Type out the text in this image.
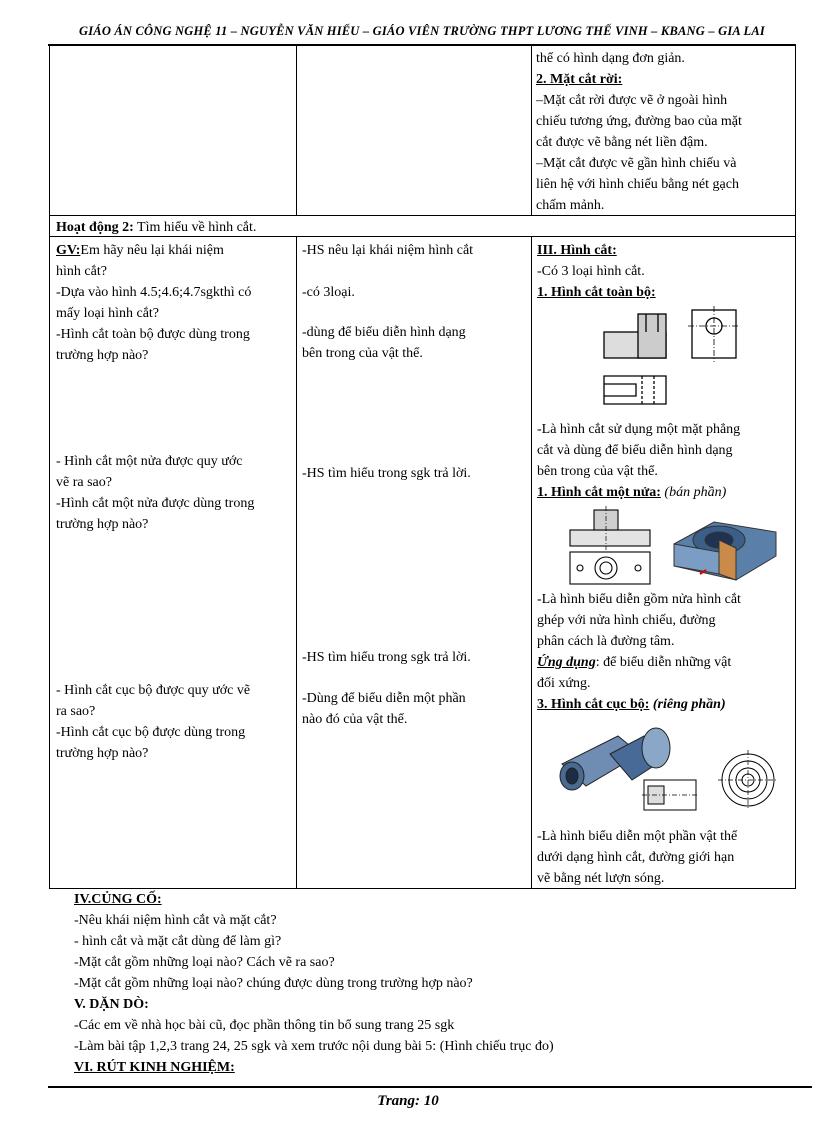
GIÁO ÁN CÔNG NGHỆ 11 – NGUYỄN VĂN HIẾU – GIÁO VIÊN TRƯỜNG THPT LƯƠNG THẾ VINH – KBANG – GIA LAI

thể có hình dạng đơn giản.

2. Mặt cắt rời:

–Mặt cắt rời được vẽ ở ngoài hình

chiếu tương ứng, đường bao của mặt

cắt được vẽ bằng nét liền đậm.

–Mặt cắt được vẽ gần hình chiếu và

liên hệ với hình chiếu bằng nét gạch

chấm mảnh.

Hoạt động 2: Tìm hiểu về hình cắt.

GV:Em hãy nêu lại khái niệm

hình cắt?

-Dựa vào hình 4.5;4.6;4.7sgkthì có

mấy loại hình cắt?

-Hình cắt toàn bộ được dùng trong

trường hợp nào?

- Hình cắt một nửa được quy ước

vẽ ra sao?

-Hình cắt một nửa được dùng trong

trường hợp nào?

- Hình cắt cục bộ được quy ước vẽ

ra sao?

-Hình cắt cục bộ được dùng trong

trường hợp nào?

-HS nêu lại khái niệm hình cắt
-có 3loại.

-dùng để biểu diễn hình dạng

bên trong của vật thể.

-HS tìm hiểu trong sgk trả lời.
-HS tìm hiểu trong sgk trả lời.

-Dùng để biểu diễn một phần

nào đó của vật thể.

III. Hình cắt:

-Có 3 loại hình cắt.

1. Hình cắt toàn bộ:

-Là hình cắt sử dụng một mặt phẳng

cắt và dùng để biểu diễn hình dạng

bên trong của vật thể.

1. Hình cắt một nửa: (bán phần)

-Là hình biểu diễn gồm nửa hình cắt

ghép với nửa hình chiếu, đường

phân cách là đường tâm.

Ứng dụng: để biểu diễn những vật

đối xứng.

3. Hình cắt cục bộ: (riêng phần)

-Là hình biểu diễn một phần vật thể

dưới dạng hình cắt, đường giới hạn

vẽ bằng nét lượn sóng.

IV.CỦNG CỐ:

-Nêu khái niệm hình cắt và mặt cắt?

- hình cắt và mặt cắt dùng để làm gì?

-Mặt cắt gồm những loại nào? Cách vẽ ra sao?

-Mặt cắt gồm những loại nào? chúng được dùng trong trường hợp nào?

V. DẶN DÒ:

-Các em về nhà học bài cũ, đọc phần thông tin bổ sung trang 25 sgk

-Làm bài tập 1,2,3 trang 24, 25 sgk và xem trước nội dung bài 5: (Hình chiếu trục đo)

VI. RÚT KINH NGHIỆM:

Trang: 10
